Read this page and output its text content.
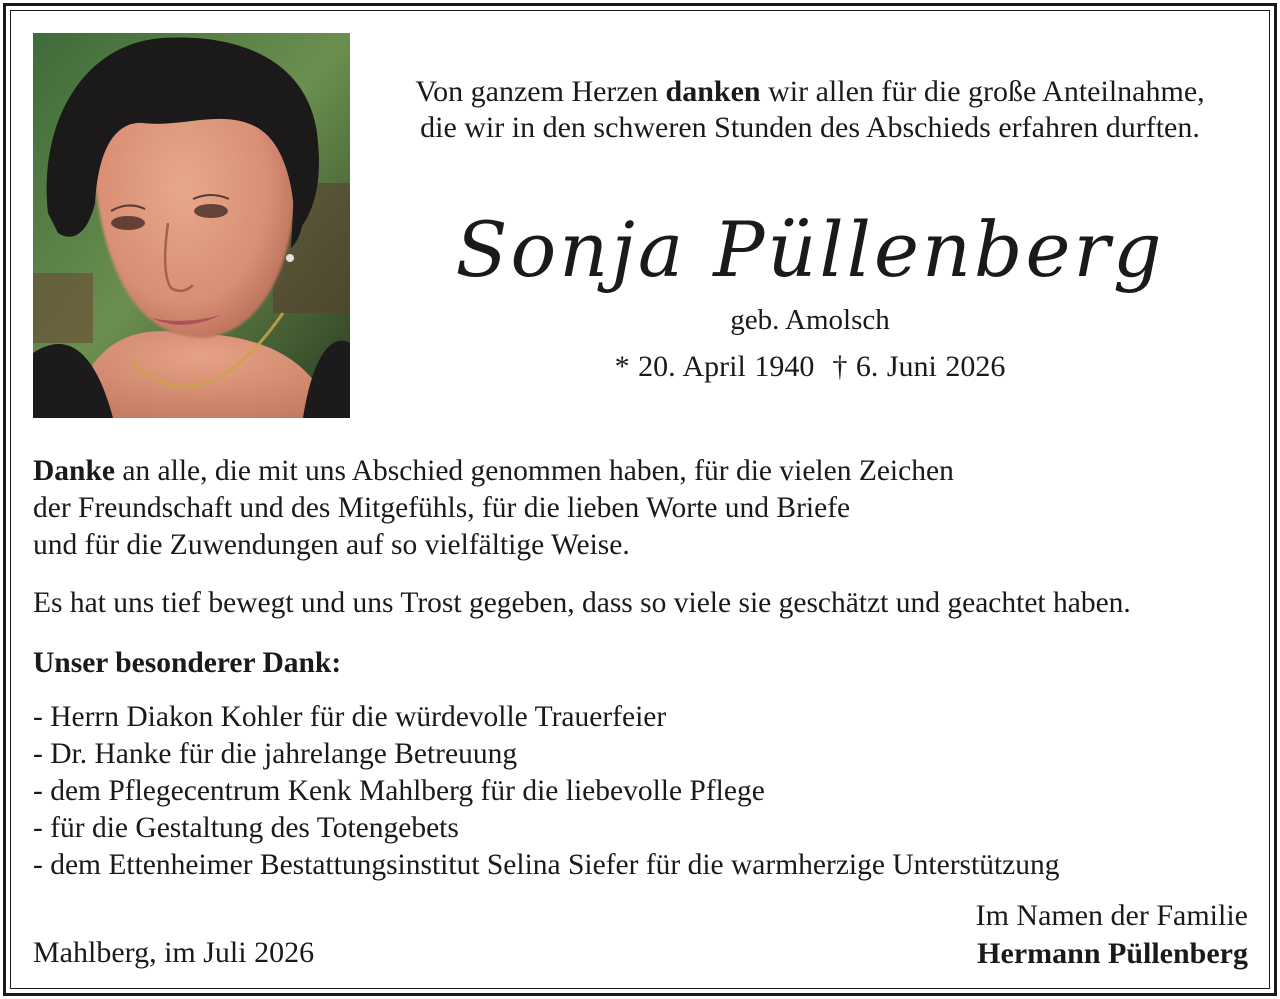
Von ganzem Herzen danken wir allen für die große Anteilnahme,
die wir in den schweren Stunden des Abschieds erfahren durften.
Sonja Püllenberg
geb. Amolsch
* 20. April 1940 † 6. Juni 2026
Danke an alle, die mit uns Abschied genommen haben, für die vielen Zeichen
der Freundschaft und des Mitgefühls, für die lieben Worte und Briefe
und für die Zuwendungen auf so vielfältige Weise.
Es hat uns tief bewegt und uns Trost gegeben, dass so viele sie geschätzt und geachtet haben.
Unser besonderer Dank:
- Herrn Diakon Kohler für die würdevolle Trauerfeier
- Dr. Hanke für die jahrelange Betreuung
- dem Pflegecentrum Kenk Mahlberg für die liebevolle Pflege
- für die Gestaltung des Totengebets
- dem Ettenheimer Bestattungsinstitut Selina Siefer für die warmherzige Unterstützung
Mahlberg, im Juli 2026
Im Namen der Familie
Hermann Püllenberg
